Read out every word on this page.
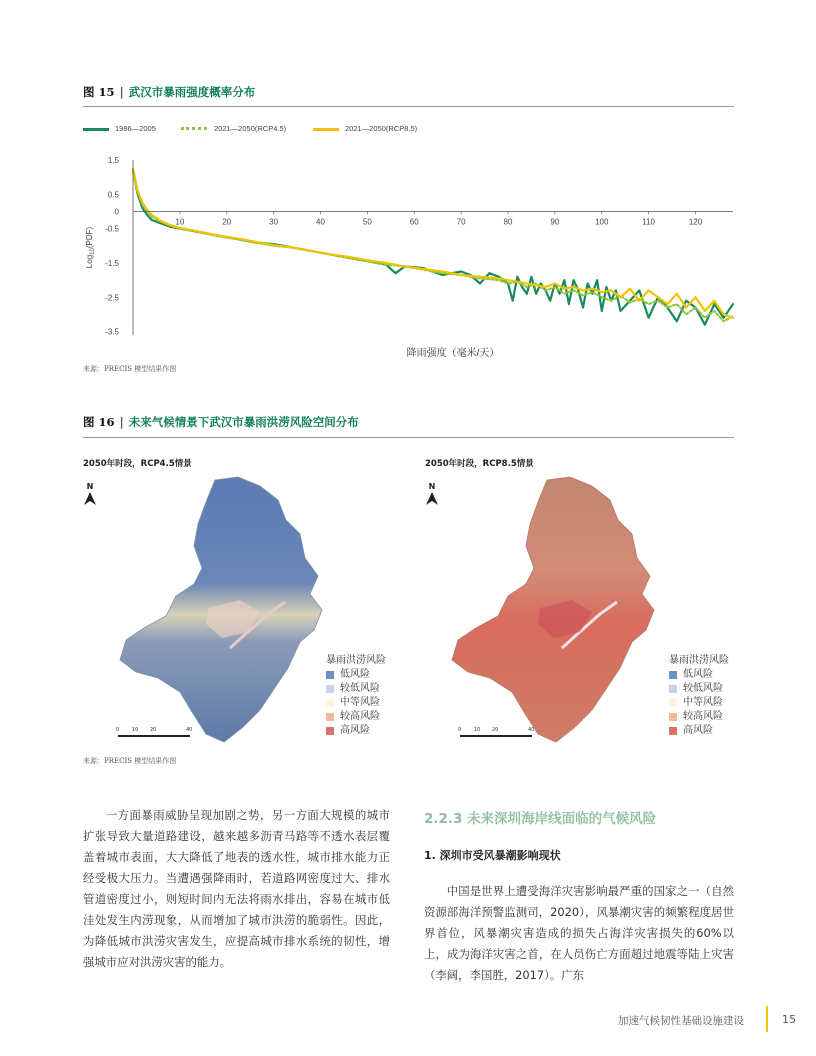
图 15 | 武汉市暴雨强度概率分布
1986—2005	2021—2050(RCP4.5)	2021—2050(RCP8.5)
10	20	30	40	50	60	70	80	90	100	110	120
1.5
0.5
0
-0.5
-1.5
-2.5
-3.5
降雨强度（毫米/天）
Log$_{10}$(PDF)
来源：PRECIS 模型结果作图
图 16 | 未来气候情景下武汉市暴雨洪涝风险空间分布
2050年时段，RCP4.5情景
N
0	10 20	40
暴雨洪涝风险
低风险
较低风险
中等风险
较高风险
高风险
2050年时段，RCP8.5情景
N
0	10 20	40
暴雨洪涝风险
低风险
较低风险
中等风险
较高风险
高风险
来源：PRECIS 模型结果作图
一方面暴雨威胁呈现加剧之势，另一方面大规模的城市扩张导致大量道路建设，越来越多沥青马路等不透水表层覆盖着城市表面，大大降低了地表的透水性，城市排水能力正经受极大压力。当遭遇强降雨时，若道路网密度过大、排水管道密度过小，则短时间内无法将雨水排出，容易在城市低洼处发生内涝现象，从而增加了城市洪涝的脆弱性。因此，为降低城市洪涝灾害发生，应提高城市排水系统的韧性，增强城市应对洪涝灾害的能力。
2.2.3 未来深圳海岸线面临的气候风险
1. 深圳市受风暴潮影响现状
中国是世界上遭受海洋灾害影响最严重的国家之一（自然资源部海洋预警监测司，2020），风暴潮灾害的频繁程度居世界首位，风暴潮灾害造成的损失占海洋灾害损失的60%以上，成为海洋灾害之首，在人员伤亡方面超过地震等陆上灾害（李阔，李国胜，2017）。广东
加速气候韧性基础设施建设	15
